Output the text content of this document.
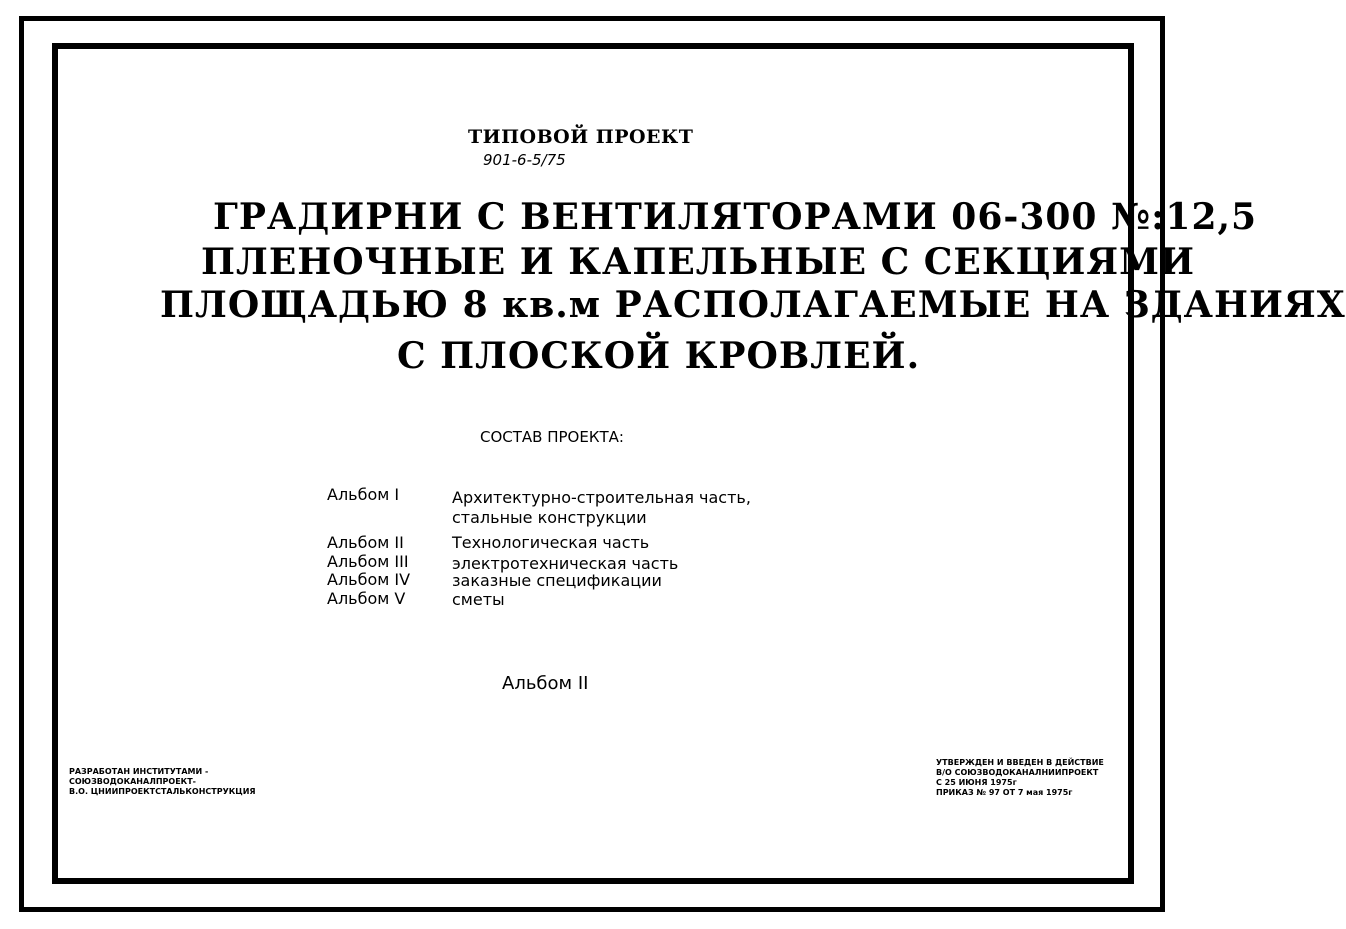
ТИПОВОЙ ПРОЕКТ
901-6-5/75
ГРАДИРНИ С ВЕНТИЛЯТОРАМИ 06-300 №:12,5
ПЛЕНОЧНЫЕ И КАПЕЛЬНЫЕ С СЕКЦИЯМИ
ПЛОЩАДЬЮ 8 кв.м РАСПОЛАГАЕМЫЕ НА ЗДАНИЯХ
С ПЛОСКОЙ КРОВЛЕЙ.
СОСТАВ ПРОЕКТА:
Альбом I	Архитектурно-строительная часть,
стальные конструкции
Альбом II	Технологическая часть
Альбом III	электротехническая часть
Альбом IV	заказные спецификации
Альбом V	сметы
Альбом II
РАЗРАБОТАН ИНСТИТУТАМИ -
СОЮЗВОДОКАНАЛПРОЕКТ-
В.О. ЦНИИПРОЕКТСТАЛЬКОНСТРУКЦИЯ
УТВЕРЖДЕН И ВВЕДЕН В ДЕЙСТВИЕ
В/О СОЮЗВОДОКАНАЛНИИПРОЕКТ
С 25 ИЮНЯ 1975г
ПРИКАЗ № 97 ОТ 7 мая 1975г
